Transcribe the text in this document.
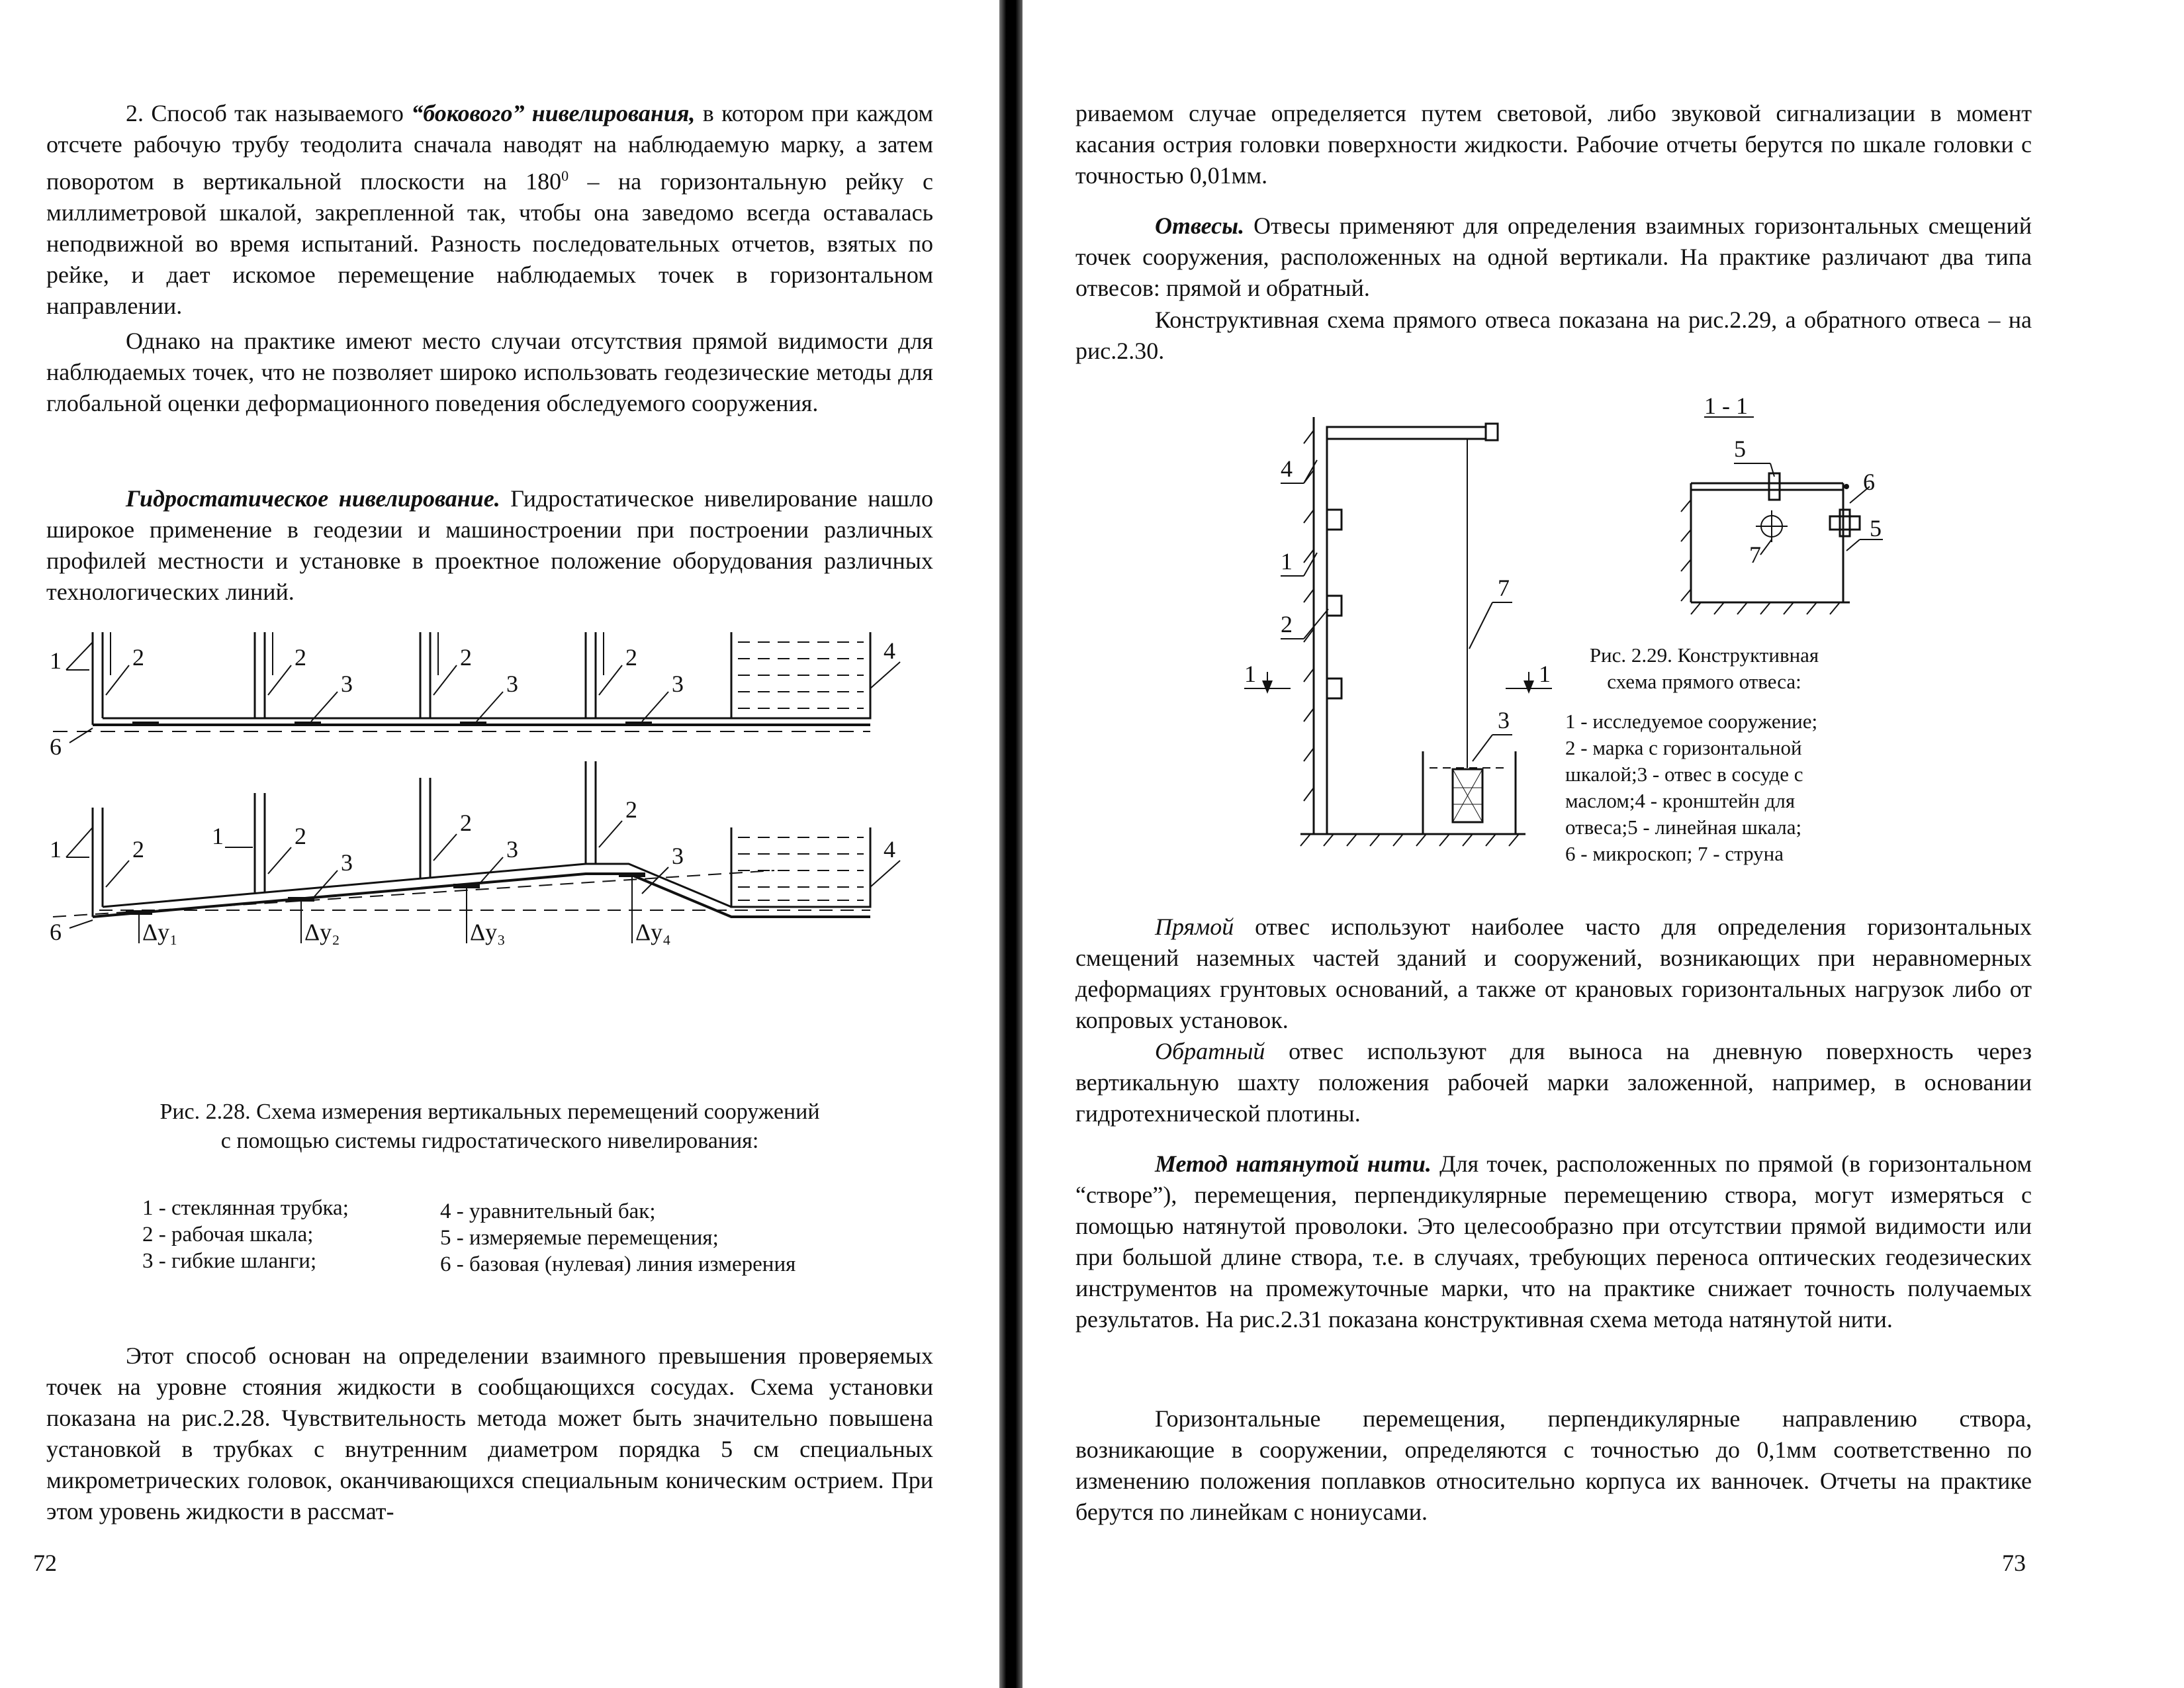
2. Способ так называемого “бокового” нивелирования, в котором при каждом отсчете рабочую трубу теодолита сначала наводят на наблюдаемую марку, а затем поворотом в вертикальной плоскости на $180^0$ – на горизонтальную рейку с миллиметровой шкалой, закрепленной так, чтобы она заведомо всегда оставалась неподвижной во время испытаний. Разность последовательных отчетов, взятых по рейке, и дает искомое перемещение наблюдаемых точек в горизонтальном направлении.

Однако на практике имеют место случаи отсутствия прямой видимости для наблюдаемых точек, что не позволяет широко использовать геодезические методы для глобальной оценки деформационного поведения обследуемого сооружения.

Гидростатическое нивелирование. Гидростатическое нивелирование нашло широкое применение в геодезии и машиностроении при построении различных профилей местности и установке в проектное положение оборудования различных технологических линий.

1	2	2	2	2
3	3	3
4
6
1	2	2	2	2
1
3	3	3	4
6	Δy₁	Δy₂	Δy₃	Δy₄

Рис. 2.28. Схема измерения вертикальных перемещений сооружений
с помощью системы гидростатического нивелирования:

1 - стеклянная трубка;
2 - рабочая шкала;
3 - гибкие шланги;
4 - уравнительный бак;
5 - измеряемые перемещения;
6 - базовая (нулевая) линия измерения

Этот способ основан на определении взаимного превышения проверяемых точек на уровне стояния жидкости в сообщающихся сосудах. Схема установки показана на рис.2.28. Чувствительность метода может быть значительно повышена установкой в трубках с внутренним диаметром порядка 5 см специальных микрометрических головок, оканчивающихся специальным коническим острием. При этом уровень жидкости в рассмат-

72

риваемом случае определяется путем световой, либо звуковой сигнализации в момент касания острия головки поверхности жидкости. Рабочие отчеты берутся по шкале головки с точностью 0,01мм.

Отвесы. Отвесы применяют для определения взаимных горизонтальных смещений точек сооружения, расположенных на одной вертикали. На практике различают два типа отвесов: прямой и обратный.

Конструктивная схема прямого отвеса показана на рис.2.29, а обратного отвеса – на рис.2.30.

4
1
2
7
3
1	1
1 - 1
5
6
5
7
Рис. 2.29. Конструктивная
схема прямого отвеса:
1 - исследуемое сооружение;
2 - марка с горизонтальной
шкалой;3 - отвес в сосуде с
маслом;4 - кронштейн для
отвеса;5 - линейная шкала;
6 - микроскоп; 7 - струна

Прямой отвес используют наиболее часто для определения горизонтальных смещений наземных частей зданий и сооружений, возникающих при неравномерных деформациях грунтовых оснований, а также от крановых горизонтальных нагрузок либо от копровых установок.

Обратный отвес используют для выноса на дневную поверхность через вертикальную шахту положения рабочей марки заложенной, например, в основании гидротехнической плотины.

Метод натянутой нити. Для точек, расположенных по прямой (в горизонтальном “створе”), перемещения, перпендикулярные перемещению створа, могут измеряться с помощью натянутой проволоки. Это целесообразно при отсутствии прямой видимости или при большой длине створа, т.е. в случаях, требующих переноса оптических геодезических инструментов на промежуточные марки, что на практике снижает точность получаемых результатов. На рис.2.31 показана конструктивная схема метода натянутой нити.

Горизонтальные перемещения, перпендикулярные направлению створа, возникающие в сооружении, определяются с точностью до 0,1мм соответственно по изменению положения поплавков относительно корпуса их ванночек. Отчеты на практике берутся по линейкам с нониусами.

73
